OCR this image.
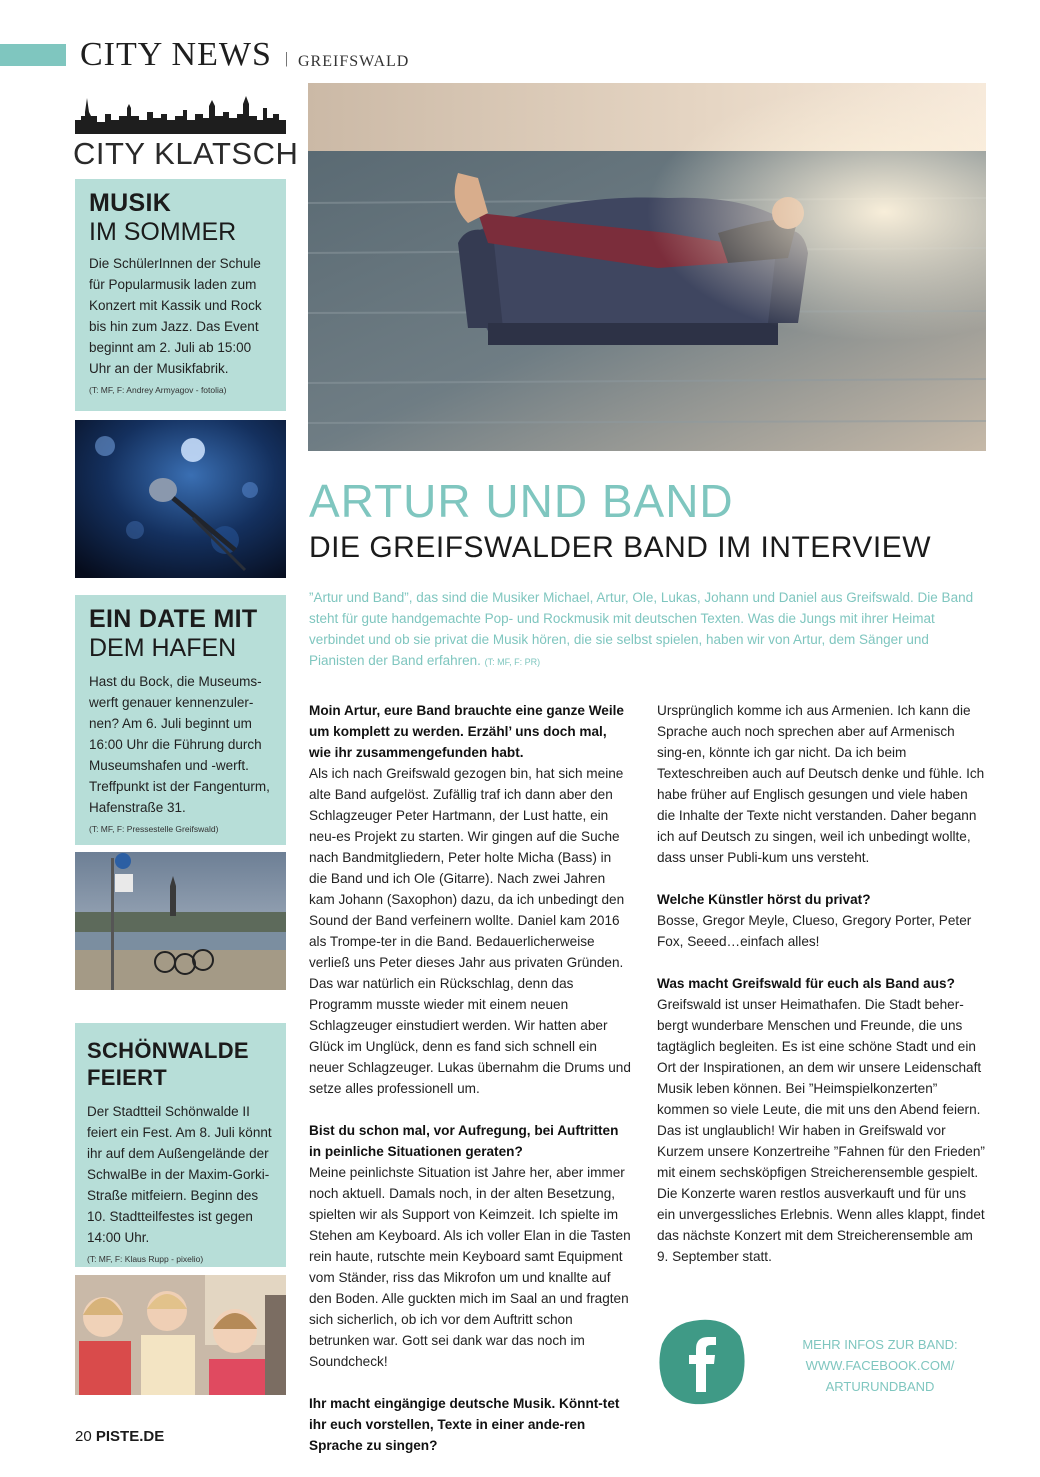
CITY NEWS | GREIFSWALD
CITY KLATSCH
MUSIK
IM SOMMER
Die SchülerInnen der Schule für Popularmusik laden zum Konzert mit Kassik und Rock bis hin zum Jazz. Das Event beginnt am 2. Juli ab 15:00 Uhr an der Musikfabrik.
(T: MF, F: Andrey Armyagov - fotolia)
EIN DATE MIT
DEM HAFEN
Hast du Bock, die Museums-werft genauer kennenzuler-nen? Am 6. Juli beginnt um 16:00 Uhr die Führung durch Museumshafen und -werft. Treffpunkt ist der Fangenturm, Hafenstraße 31.
(T: MF, F: Pressestelle Greifswald)
SCHÖNWALDE FEIERT
Der Stadtteil Schönwalde II feiert ein Fest. Am 8. Juli könnt ihr auf dem Außengelände der SchwalBe in der Maxim-Gorki-Straße mitfeiern. Beginn des 10. Stadtteilfestes ist gegen 14:00 Uhr.
(T: MF, F: Klaus Rupp - pixelio)
ARTUR UND BAND
DIE GREIFSWALDER BAND IM INTERVIEW
”Artur und Band”, das sind die Musiker Michael, Artur, Ole, Lukas, Johann und Daniel aus Greifswald. Die Band steht für gute handgemachte Pop- und Rockmusik mit deutschen Texten. Was die Jungs mit ihrer Heimat verbindet und ob sie privat die Musik hören, die sie selbst spielen, haben wir von Artur, dem Sänger und Pianisten der Band erfahren. (T: MF, F: PR)

Moin Artur, eure Band brauchte eine ganze Weile um komplett zu werden. Erzähl’ uns doch mal, wie ihr zusammengefunden habt.
Als ich nach Greifswald gezogen bin, hat sich meine alte Band aufgelöst. Zufällig traf ich dann aber den Schlagzeuger Peter Hartmann, der Lust hatte, ein neu-es Projekt zu starten. Wir gingen auf die Suche nach Bandmitgliedern, Peter holte Micha (Bass) in die Band und ich Ole (Gitarre). Nach zwei Jahren kam Johann (Saxophon) dazu, da ich unbedingt den Sound der Band verfeinern wollte. Daniel kam 2016 als Trompe-ter in die Band. Bedauerlicherweise verließ uns Peter dieses Jahr aus privaten Gründen. Das war natürlich ein Rückschlag, denn das Programm musste wieder mit einem neuen Schlagzeuger einstudiert werden. Wir hatten aber Glück im Unglück, denn es fand sich schnell ein neuer Schlagzeuger. Lukas übernahm die Drums und setze alles professionell um.

Bist du schon mal, vor Aufregung, bei Auftritten in peinliche Situationen geraten?
Meine peinlichste Situation ist Jahre her, aber immer noch aktuell. Damals noch, in der alten Besetzung, spielten wir als Support von Keimzeit. Ich spielte im Stehen am Keyboard. Als ich voller Elan in die Tasten rein haute, rutschte mein Keyboard samt Equipment vom Ständer, riss das Mikrofon um und knallte auf den Boden. Alle guckten mich im Saal an und fragten sich sicherlich, ob ich vor dem Auftritt schon betrunken war. Gott sei dank war das noch im Soundcheck!

Ihr macht eingängige deutsche Musik. Könnt-tet ihr euch vorstellen, Texte in einer ande-ren Sprache zu singen?

Ursprünglich komme ich aus Armenien. Ich kann die Sprache auch noch sprechen aber auf Armenisch sing-en, könnte ich gar nicht. Da ich beim Texteschreiben auch auf Deutsch denke und fühle. Ich habe früher auf Englisch gesungen und viele haben die Inhalte der Texte nicht verstanden. Daher begann ich auf Deutsch zu singen, weil ich unbedingt wollte, dass unser Publi-kum uns versteht.

Welche Künstler hörst du privat?
Bosse, Gregor Meyle, Clueso, Gregory Porter, Peter Fox, Seeed…einfach alles!

Was macht Greifswald für euch als Band aus?
Greifswald ist unser Heimathafen. Die Stadt beher-bergt wunderbare Menschen und Freunde, die uns tagtäglich begleiten. Es ist eine schöne Stadt und ein Ort der Inspirationen, an dem wir unsere Leidenschaft Musik leben können. Bei ”Heimspielkonzerten” kommen so viele Leute, die mit uns den Abend feiern. Das ist unglaublich! Wir haben in Greifswald vor Kurzem unsere Konzertreihe ”Fahnen für den Frieden” mit einem sechsköpfigen Streicherensemble gespielt. Die Konzerte waren restlos ausverkauft und für uns ein unvergessliches Erlebnis. Wenn alles klappt, findet das nächste Konzert mit dem Streicherensemble am 9. September statt.

MEHR INFOS ZUR BAND:
WWW.FACEBOOK.COM/
ARTURUNDBAND
20 PISTE.DE
